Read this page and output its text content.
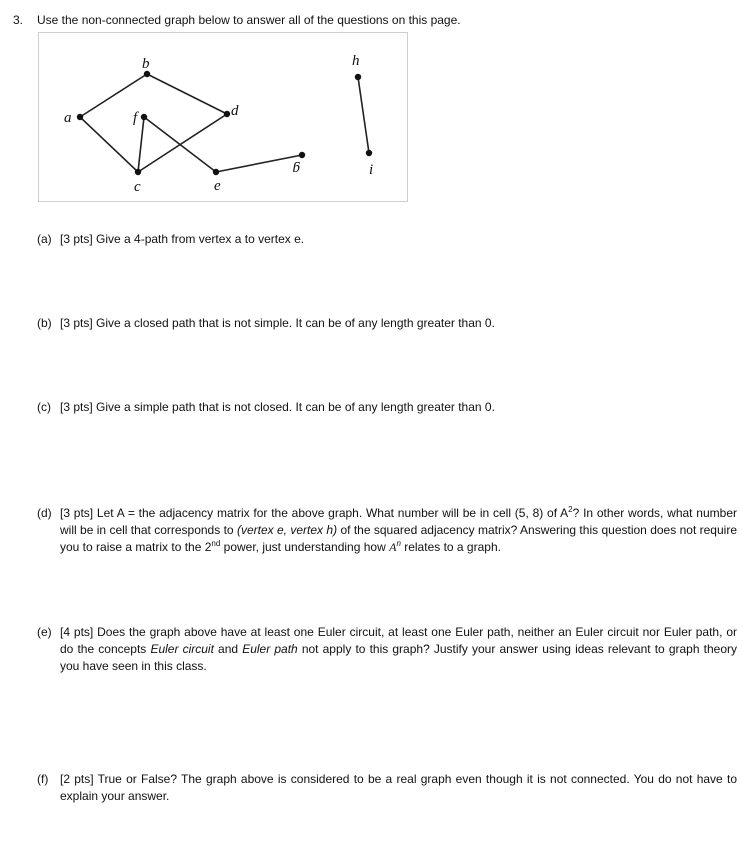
3. Use the non-connected graph below to answer all of the questions on this page.
a
b
c
d
e
f
g
h
i
(a) [3 pts] Give a 4-path from vertex a to vertex e.
(b) [3 pts] Give a closed path that is not simple. It can be of any length greater than 0.
(c) [3 pts] Give a simple path that is not closed. It can be of any length greater than 0.
(d) [3 pts] Let A = the adjacency matrix for the above graph. What number will be in cell (5, 8) of $A^2$? In other words, what number will be in cell that corresponds to (vertex e, vertex h) of the squared adjacency matrix? Answering this question does not require you to raise a matrix to the 2nd power, just understanding how $A^n$ relates to a graph.
(e) [4 pts] Does the graph above have at least one Euler circuit, at least one Euler path, neither an Euler circuit nor Euler path, or do the concepts Euler circuit and Euler path not apply to this graph? Justify your answer using ideas relevant to graph theory you have seen in this class.
(f) [2 pts] True or False? The graph above is considered to be a real graph even though it is not connected. You do not have to explain your answer.
